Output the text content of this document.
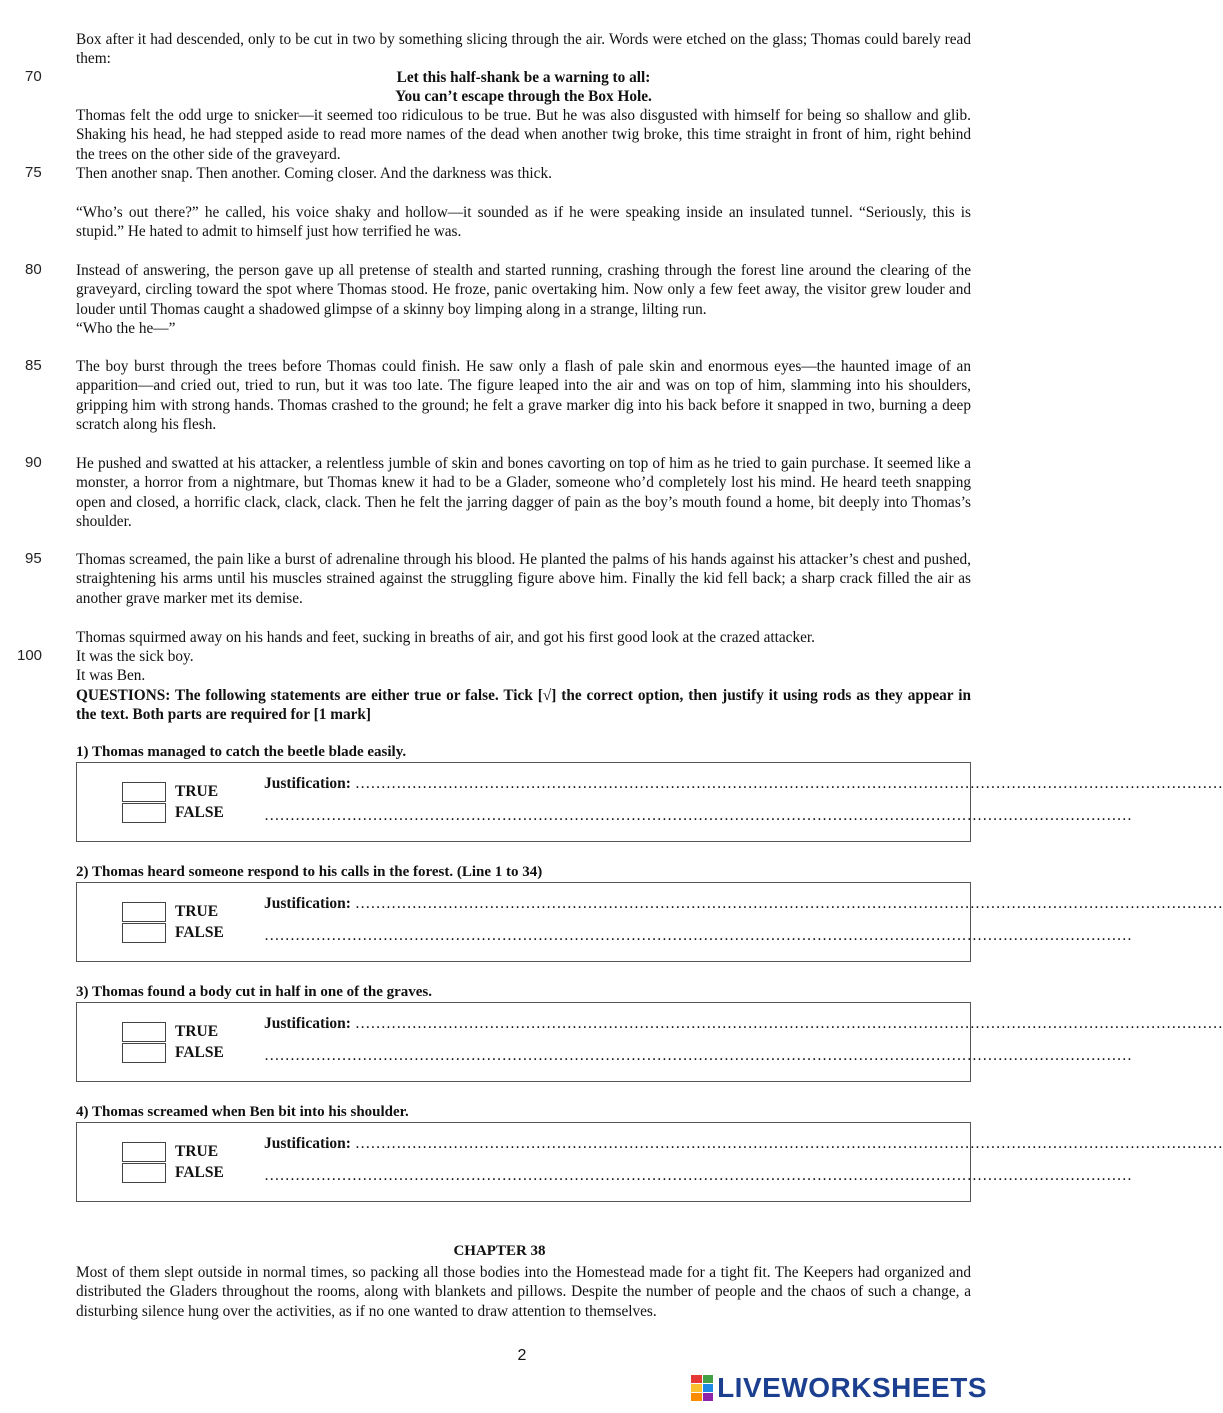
70
75
80
85
90
95
100
Box after it had descended, only to be cut in two by something slicing through the air. Words were etched on the glass; Thomas could barely read them:
Let this half-shank be a warning to all:
You can’t escape through the Box Hole.
Thomas felt the odd urge to snicker—it seemed too ridiculous to be true. But he was also disgusted with himself for being so shallow and glib. Shaking his head, he had stepped aside to read more names of the dead when another twig broke, this time straight in front of him, right behind the trees on the other side of the graveyard.
Then another snap. Then another. Coming closer. And the darkness was thick.
“Who’s out there?” he called, his voice shaky and hollow—it sounded as if he were speaking inside an insulated tunnel. “Seriously, this is stupid.” He hated to admit to himself just how terrified he was.
Instead of answering, the person gave up all pretense of stealth and started running, crashing through the forest line around the clearing of the graveyard, circling toward the spot where Thomas stood. He froze, panic overtaking him. Now only a few feet away, the visitor grew louder and louder until Thomas caught a shadowed glimpse of a skinny boy limping along in a strange, lilting run.
“Who the he—”
The boy burst through the trees before Thomas could finish. He saw only a flash of pale skin and enormous eyes—the haunted image of an apparition—and cried out, tried to run, but it was too late. The figure leaped into the air and was on top of him, slamming into his shoulders, gripping him with strong hands. Thomas crashed to the ground; he felt a grave marker dig into his back before it snapped in two, burning a deep scratch along his flesh.
He pushed and swatted at his attacker, a relentless jumble of skin and bones cavorting on top of him as he tried to gain purchase. It seemed like a monster, a horror from a nightmare, but Thomas knew it had to be a Glader, someone who’d completely lost his mind. He heard teeth snapping open and closed, a horrific clack, clack, clack. Then he felt the jarring dagger of pain as the boy’s mouth found a home, bit deeply into Thomas’s shoulder.
Thomas screamed, the pain like a burst of adrenaline through his blood. He planted the palms of his hands against his attacker’s chest and pushed, straightening his arms until his muscles strained against the struggling figure above him. Finally the kid fell back; a sharp crack filled the air as another grave marker met its demise.
Thomas squirmed away on his hands and feet, sucking in breaths of air, and got his first good look at the crazed attacker.
It was the sick boy.
It was Ben.
QUESTIONS: The following statements are either true or false. Tick [√] the correct option, then justify it using rods as they appear in the text. Both parts are required for [1 mark]
1) Thomas managed to catch the beetle blade easily.
TRUE
FALSE
Justification: ……………………………………………………………………………………………………………………………………………………
……………………………………………………………………………………………………………………………………………………
2) Thomas heard someone respond to his calls in the forest. (Line 1 to 34)
TRUE
FALSE
Justification: ……………………………………………………………………………………………………………………………………………………
……………………………………………………………………………………………………………………………………………………
3) Thomas found a body cut in half in one of the graves.
TRUE
FALSE
Justification: ……………………………………………………………………………………………………………………………………………………
……………………………………………………………………………………………………………………………………………………
4) Thomas screamed when Ben bit into his shoulder.
TRUE
FALSE
Justification: ……………………………………………………………………………………………………………………………………………………
……………………………………………………………………………………………………………………………………………………
CHAPTER 38
Most of them slept outside in normal times, so packing all those bodies into the Homestead made for a tight fit. The Keepers had organized and distributed the Gladers throughout the rooms, along with blankets and pillows. Despite the number of people and the chaos of such a change, a disturbing silence hung over the activities, as if no one wanted to draw attention to themselves.
2
LIVEWORKSHEETS
